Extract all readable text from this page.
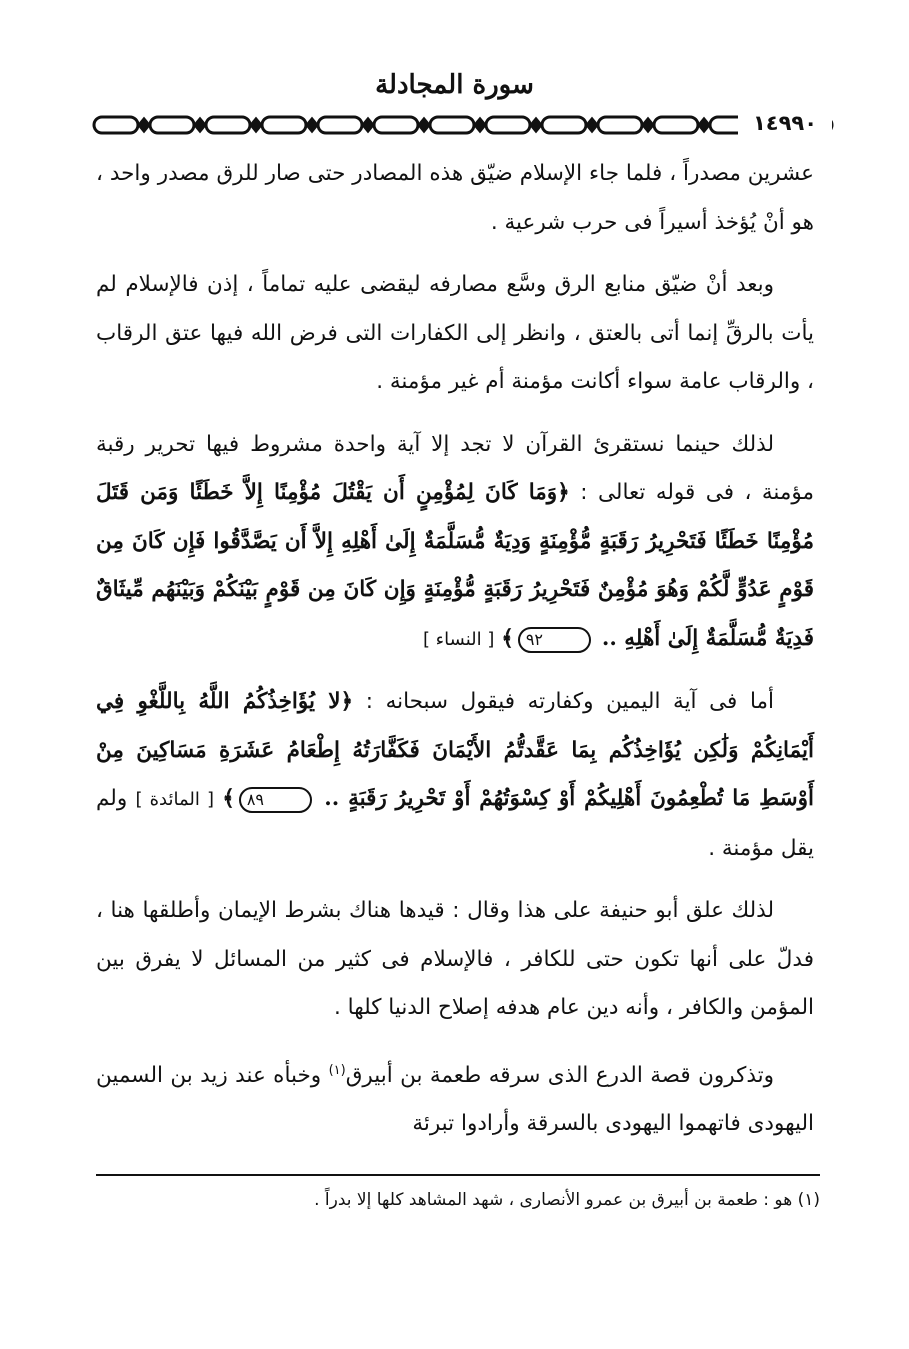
سورة المجادلة
١٤٩٩٠

عشرين مصدراً ، فلما جاء الإسلام ضيّق هذه المصادر حتى صار للرق مصدر واحد ، هو أنْ يُؤخذ أسيراً فى حرب شرعية .

وبعد أنْ ضيّق منابع الرق وسَّع مصارفه ليقضى عليه تماماً ، إذن فالإسلام لم يأت بالرقِّ إنما أتى بالعتق ، وانظر إلى الكفارات التى فرض الله فيها عتق الرقاب ، والرقاب عامة سواء أكانت مؤمنة أم غير مؤمنة .

لذلك حينما نستقرئ القرآن لا تجد إلا آية واحدة مشروط فيها تحرير رقبة مؤمنة ، فى قوله تعالى : ﴿وَمَا كَانَ لِمُؤْمِنٍ أَن يَقْتُلَ مُؤْمِنًا إِلاَّ خَطَئًا وَمَن قَتَلَ مُؤْمِنًا خَطَئًا فَتَحْرِيرُ رَقَبَةٍ مُّؤْمِنَةٍ وَدِيَةٌ مُّسَلَّمَةٌ إِلَىٰ أَهْلِهِ إِلاَّ أَن يَصَّدَّقُوا فَإِن كَانَ مِن قَوْمٍ عَدُوٍّ لَّكُمْ وَهُوَ مُؤْمِنٌ فَتَحْرِيرُ رَقَبَةٍ مُّؤْمِنَةٍ وَإِن كَانَ مِن قَوْمٍ بَيْنَكُمْ وَبَيْنَهُم مِّيثَاقٌ فَدِيَةٌ مُّسَلَّمَةٌ إِلَىٰ أَهْلِهِ .. ٩٢﴾ [ النساء ]

أما فى آية اليمين وكفارته فيقول سبحانه : ﴿لا يُؤَاخِذُكُمُ اللَّهُ بِاللَّغْوِ فِي أَيْمَانِكُمْ وَلَٰكِن يُؤَاخِذُكُم بِمَا عَقَّدتُّمُ الأَيْمَانَ فَكَفَّارَتُهُ إِطْعَامُ عَشَرَةِ مَسَاكِينَ مِنْ أَوْسَطِ مَا تُطْعِمُونَ أَهْلِيكُمْ أَوْ كِسْوَتُهُمْ أَوْ تَحْرِيرُ رَقَبَةٍ .. ٨٩﴾ [ المائدة ] ولم يقل مؤمنة .

لذلك علق أبو حنيفة على هذا وقال : قيدها هناك بشرط الإيمان وأطلقها هنا ، فدلّ على أنها تكون حتى للكافر ، فالإسلام فى كثير من المسائل لا يفرق بين المؤمن والكافر ، وأنه دين عام هدفه إصلاح الدنيا كلها .

وتذكرون قصة الدرع الذى سرقه طعمة بن أبيرق$^{(١)}$ وخبأه عند زيد بن السمين اليهودى فاتهموا اليهودى بالسرقة وأرادوا تبرئة

(١) هو : طعمة بن أبيرق بن عمرو الأنصارى ، شهد المشاهد كلها إلا بدراً .
